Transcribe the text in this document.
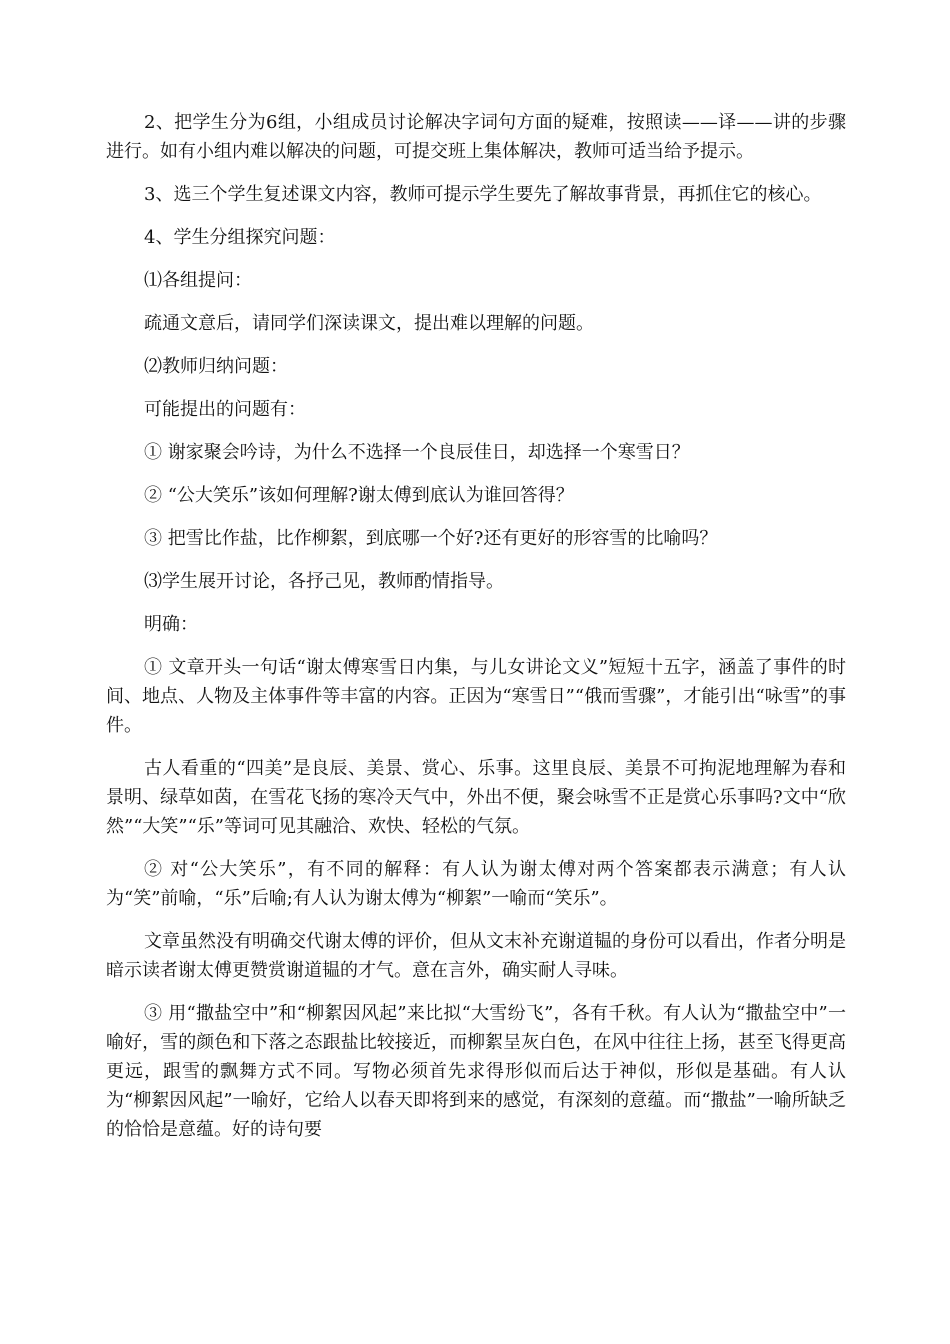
2、把学生分为6组，小组成员讨论解决字词句方面的疑难，按照读——译——讲的步骤进行。如有小组内难以解决的问题，可提交班上集体解决，教师可适当给予提示。

3、选三个学生复述课文内容，教师可提示学生要先了解故事背景，再抓住它的核心。

4、学生分组探究问题：

⑴各组提问：

疏通文意后，请同学们深读课文，提出难以理解的问题。

⑵教师归纳问题：

可能提出的问题有：

① 谢家聚会吟诗，为什么不选择一个良辰佳日，却选择一个寒雪日？

② “公大笑乐”该如何理解?谢太傅到底认为谁回答得？

③ 把雪比作盐，比作柳絮，到底哪一个好?还有更好的形容雪的比喻吗？

⑶学生展开讨论，各抒己见，教师酌情指导。

明确：

① 文章开头一句话“谢太傅寒雪日内集，与儿女讲论文义”短短十五字，涵盖了事件的时间、地点、人物及主体事件等丰富的内容。正因为“寒雪日”“俄而雪骤”，才能引出“咏雪”的事件。

古人看重的“四美”是良辰、美景、赏心、乐事。这里良辰、美景不可拘泥地理解为春和景明、绿草如茵，在雪花飞扬的寒冷天气中，外出不便，聚会咏雪不正是赏心乐事吗?文中“欣然”“大笑”“乐”等词可见其融洽、欢快、轻松的气氛。

② 对“公大笑乐”，有不同的解释：有人认为谢太傅对两个答案都表示满意；有人认为“笑”前喻，“乐”后喻;有人认为谢太傅为“柳絮”一喻而“笑乐”。

文章虽然没有明确交代谢太傅的评价，但从文末补充谢道韫的身份可以看出，作者分明是暗示读者谢太傅更赞赏谢道韫的才气。意在言外，确实耐人寻味。

③ 用“撒盐空中”和“柳絮因风起”来比拟“大雪纷飞”，各有千秋。有人认为“撒盐空中”一喻好，雪的颜色和下落之态跟盐比较接近，而柳絮呈灰白色，在风中往往上扬，甚至飞得更高更远，跟雪的飘舞方式不同。写物必须首先求得形似而后达于神似，形似是基础。有人认为“柳絮因风起”一喻好，它给人以春天即将到来的感觉，有深刻的意蕴。而“撒盐”一喻所缺乏的恰恰是意蕴。好的诗句要
